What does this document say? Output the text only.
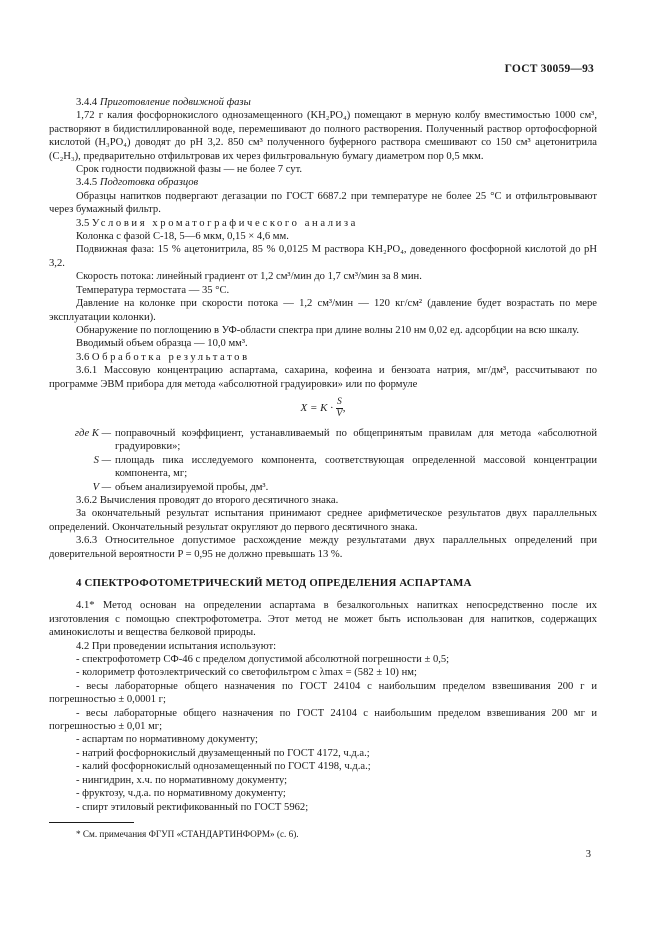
ГОСТ 30059—93

3.4.4 Приготовление подвижной фазы

1,72 г калия фосфорнокислого однозамещенного (KH₂PO₄) помещают в мерную колбу вместимостью 1000 см³, растворяют в бидистиллированной воде, перемешивают до полного растворения. Полученный раствор ортофосфорной кислотой (H₃PO₄) доводят до pH 3,2. 850 см³ полученного буферного раствора смешивают со 150 см³ ацетонитрила (C₂H₃), предварительно отфильтровав их через фильтровальную бумагу диаметром пор 0,5 мкм.

Срок годности подвижной фазы — не более 7 сут.

3.4.5 Подготовка образцов

Образцы напитков подвергают дегазации по ГОСТ 6687.2 при температуре не более 25 °С и отфильтровывают через бумажный фильтр.

3.5 Условия хроматографического анализа

Колонка с фазой С-18, 5—6 мкм, 0,15 × 4,6 мм.

Подвижная фаза: 15 % ацетонитрила, 85 % 0,0125 М раствора KH₂PO₄, доведенного фосфорной кислотой до pH 3,2.

Скорость потока: линейный градиент от 1,2 см³/мин до 1,7 см³/мин за 8 мин.

Температура термостата — 35 °С.

Давление на колонке при скорости потока — 1,2 см³/мин — 120 кг/см² (давление будет возрастать по мере эксплуатации колонки).

Обнаружение по поглощению в УФ-области спектра при длине волны 210 нм 0,02 ед. адсорбции на всю шкалу.

Вводимый объем образца — 10,0 мм³.

3.6 Обработка результатов

3.6.1 Массовую концентрацию аспартама, сахарина, кофеина и бензоата натрия, мг/дм³, рассчитывают по программе ЭВМ прибора для метода «абсолютной градуировки» или по формуле

$X = K \cdot \frac{S}{V}$ ,

где K — поправочный коэффициент, устанавливаемый по общепринятым правилам для метода «абсолютной градуировки»;

S — площадь пика исследуемого компонента, соответствующая определенной массовой концентрации компонента, мг;

V — объем анализируемой пробы, дм³.

3.6.2 Вычисления проводят до второго десятичного знака.

За окончательный результат испытания принимают среднее арифметическое результатов двух параллельных определений. Окончательный результат округляют до первого десятичного знака.

3.6.3 Относительное допустимое расхождение между результатами двух параллельных определений при доверительной вероятности P = 0,95 не должно превышать 13 %.

4 СПЕКТРОФОТОМЕТРИЧЕСКИЙ МЕТОД ОПРЕДЕЛЕНИЯ АСПАРТАМА

4.1* Метод основан на определении аспартама в безалкогольных напитках непосредственно после их изготовления с помощью спектрофотометра. Этот метод не может быть использован для напитков, содержащих аминокислоты и вещества белковой природы.

4.2 При проведении испытания используют:

- спектрофотометр СФ-46 с пределом допустимой абсолютной погрешности ± 0,5;

- колориметр фотоэлектрический со светофильтром с λmax = (582 ± 10) нм;

- весы лабораторные общего назначения по ГОСТ 24104 с наибольшим пределом взвешивания 200 г и погрешностью ± 0,0001 г;

- весы лабораторные общего назначения по ГОСТ 24104 с наибольшим пределом взвешивания 200 мг и погрешностью ± 0,01 мг;

- аспартам по нормативному документу;

- натрий фосфорнокислый двузамещенный по ГОСТ 4172, ч.д.а.;

- калий фосфорнокислый однозамещенный по ГОСТ 4198, ч.д.а.;

- нингидрин, х.ч. по нормативному документу;

- фруктозу, ч.д.а. по нормативному документу;

- спирт этиловый ректификованный по ГОСТ 5962;

* См. примечания ФГУП «СТАНДАРТИНФОРМ» (с. 6).
3
